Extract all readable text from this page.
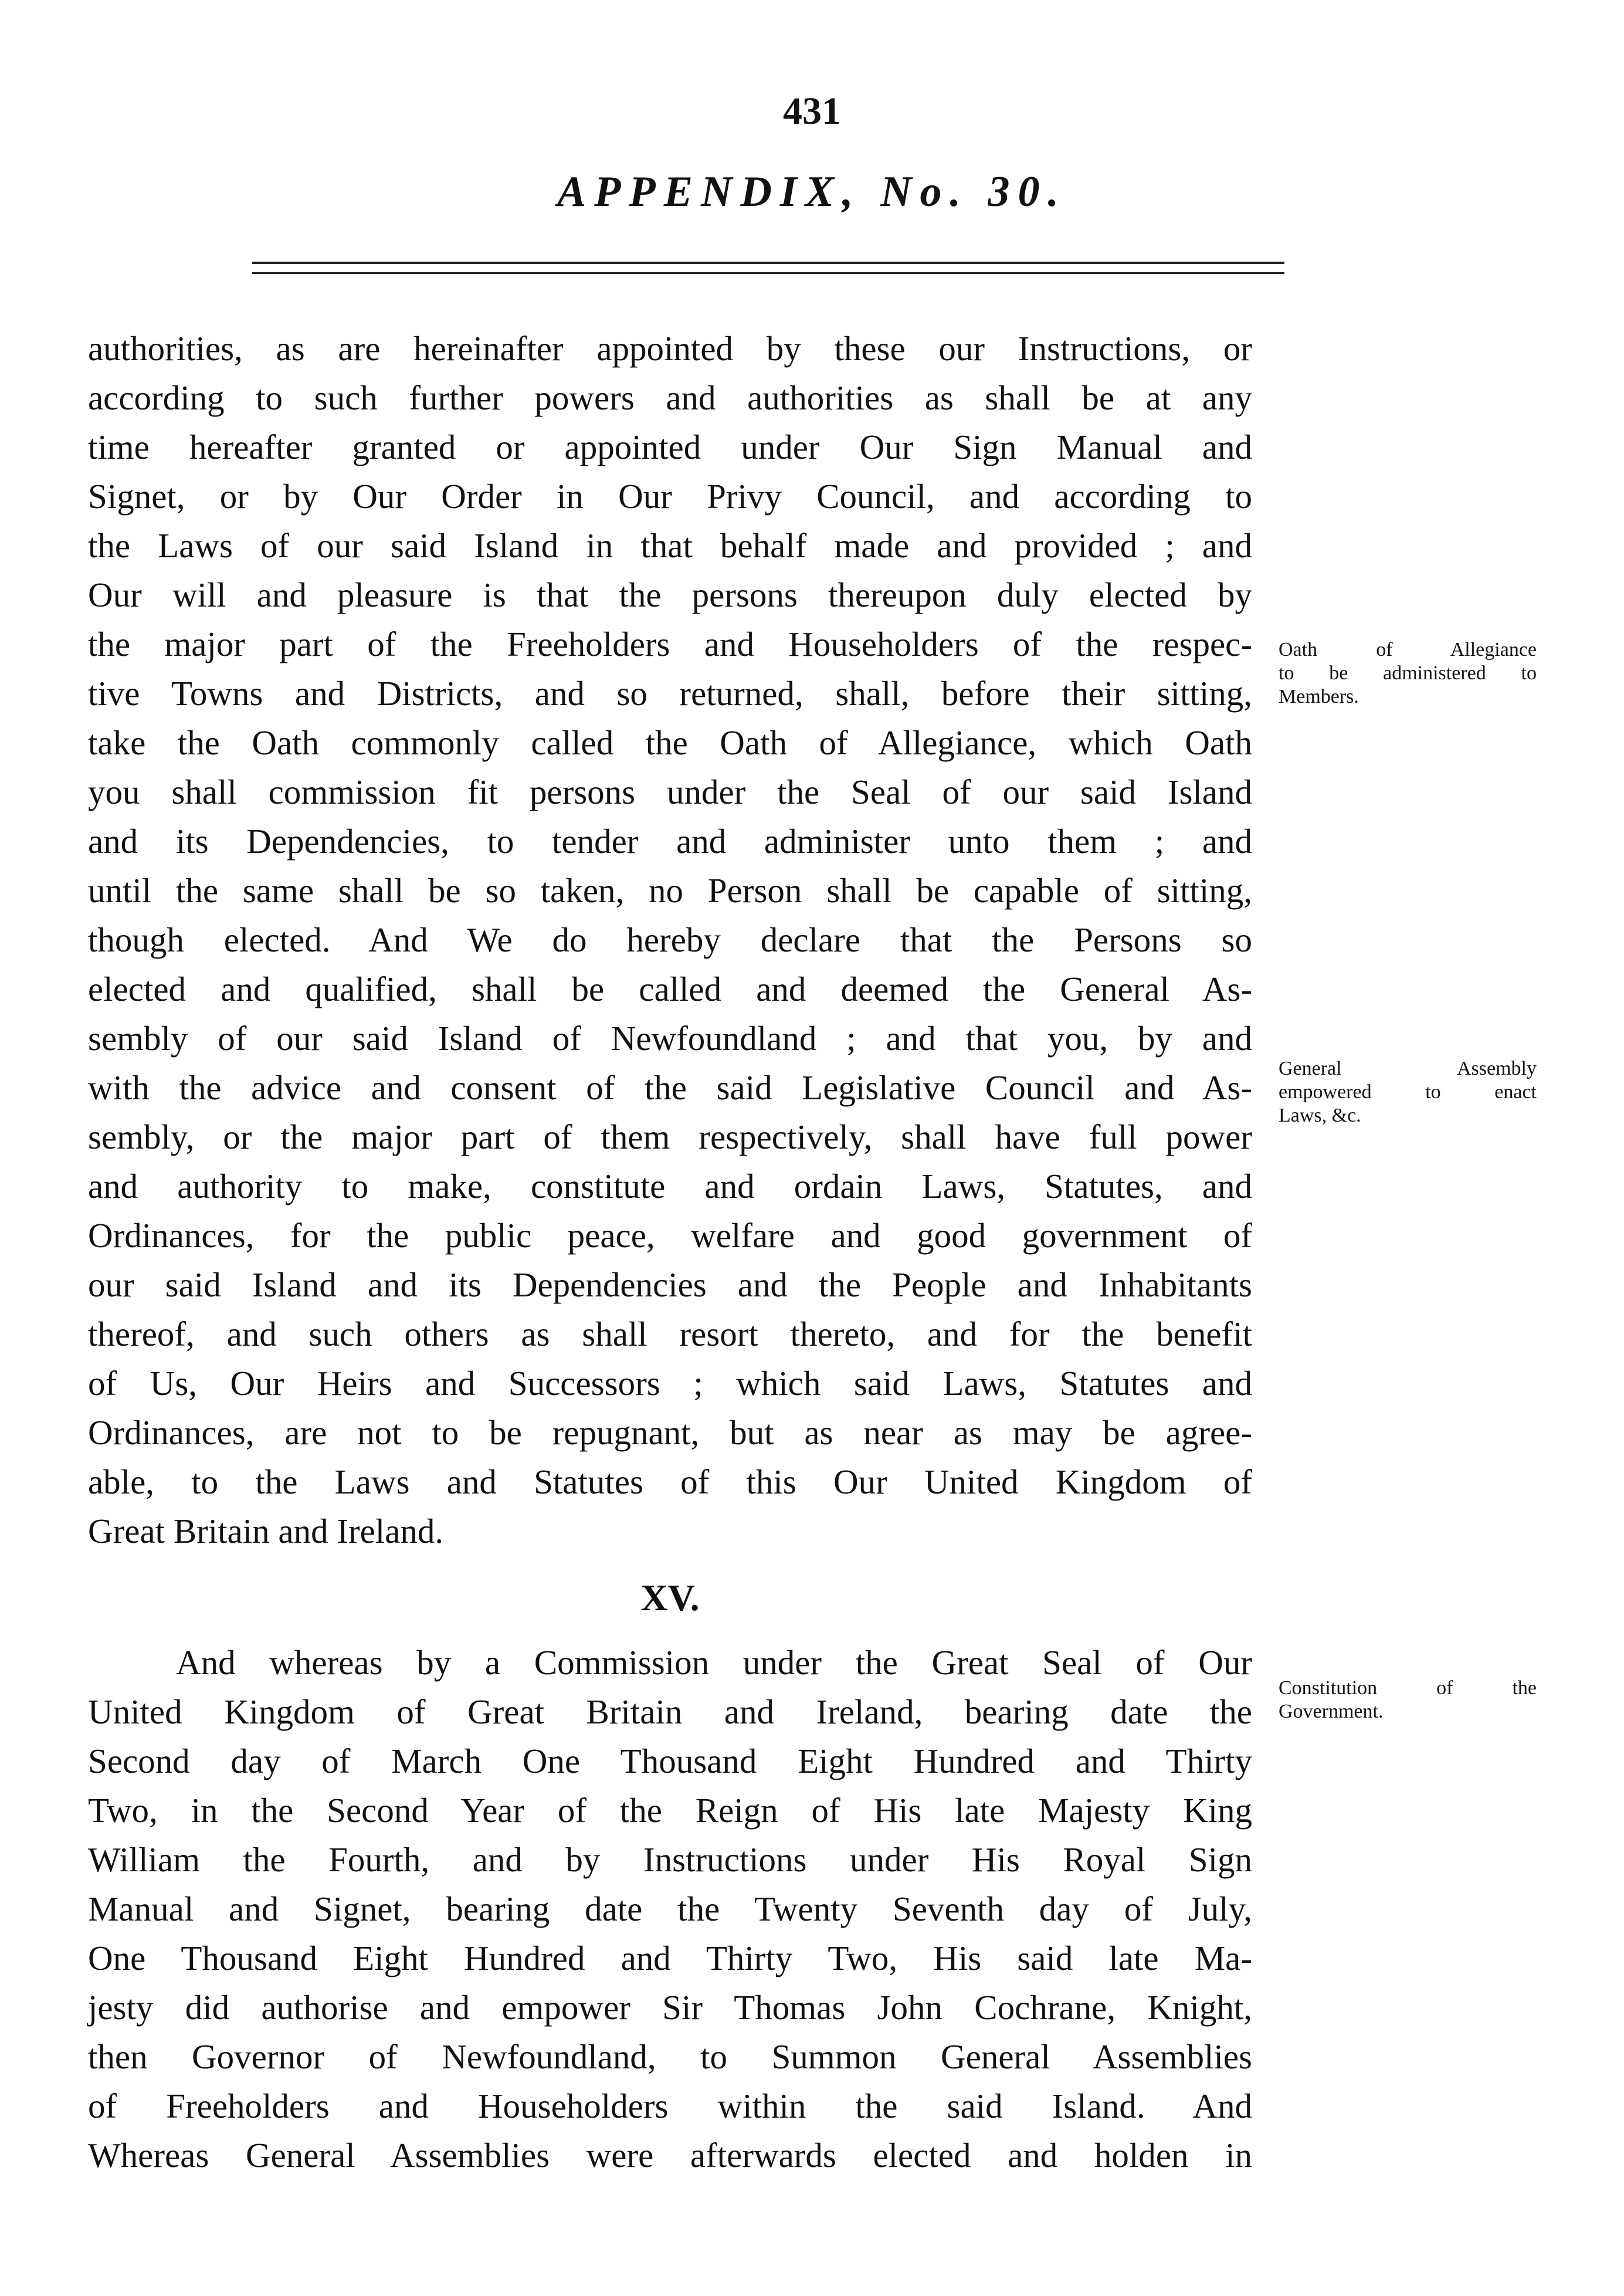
431
APPENDIX, No. 30.
authorities, as are hereinafter appointed by these our Instructions, or
according to such further powers and authorities as shall be at any
time hereafter granted or appointed under Our Sign Manual and
Signet, or by Our Order in Our Privy Council, and according to
the Laws of our said Island in that behalf made and provided ; and
Our will and pleasure is that the persons thereupon duly elected by
the major part of the Freeholders and Householders of the respec-
tive Towns and Districts, and so returned, shall, before their sitting,
take the Oath commonly called the Oath of Allegiance, which Oath
you shall commission fit persons under the Seal of our said Island
and its Dependencies, to tender and administer unto them ; and
until the same shall be so taken, no Person shall be capable of sitting,
though elected. And We do hereby declare that the Persons so
elected and qualified, shall be called and deemed the General As-
sembly of our said Island of Newfoundland ; and that you, by and
with the advice and consent of the said Legislative Council and As-
sembly, or the major part of them respectively, shall have full power
and authority to make, constitute and ordain Laws, Statutes, and
Ordinances, for the public peace, welfare and good government of
our said Island and its Dependencies and the People and Inhabitants
thereof, and such others as shall resort thereto, and for the benefit
of Us, Our Heirs and Successors ; which said Laws, Statutes and
Ordinances, are not to be repugnant, but as near as may be agree-
able, to the Laws and Statutes of this Our United Kingdom of
Great Britain and Ireland.
XV.
And whereas by a Commission under the Great Seal of Our
United Kingdom of Great Britain and Ireland, bearing date the
Second day of March One Thousand Eight Hundred and Thirty
Two, in the Second Year of the Reign of His late Majesty King
William the Fourth, and by Instructions under His Royal Sign
Manual and Signet, bearing date the Twenty Seventh day of July,
One Thousand Eight Hundred and Thirty Two, His said late Ma-
jesty did authorise and empower Sir Thomas John Cochrane, Knight,
then Governor of Newfoundland, to Summon General Assemblies
of Freeholders and Householders within the said Island. And
Whereas General Assemblies were afterwards elected and holden in
Oath of Allegiance
to be administered to
Members.
General Assembly
empowered to enact
Laws, &c.
Constitution of the
Government.
